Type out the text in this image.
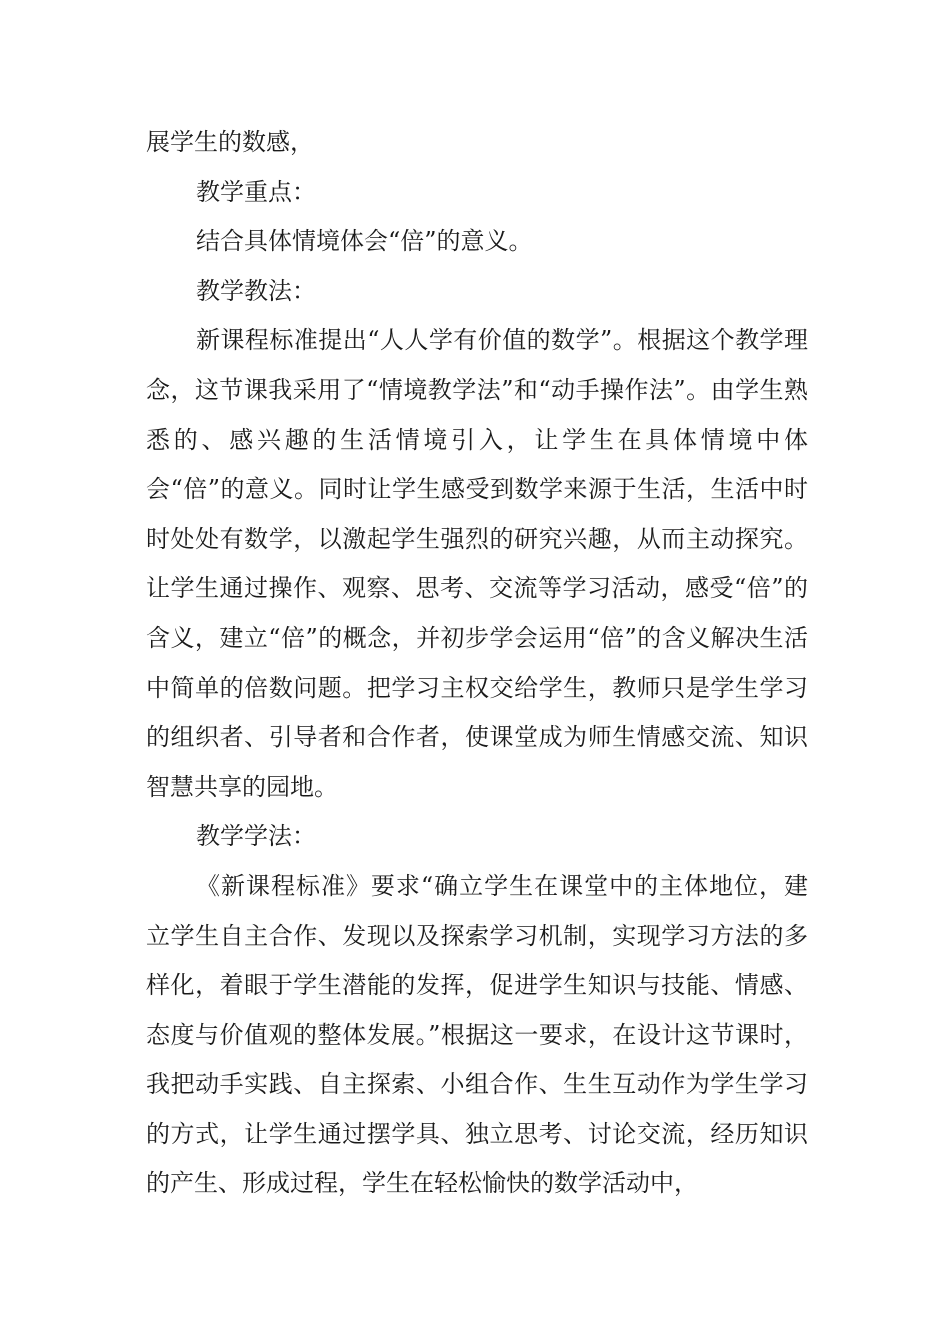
展学生的数感，

教学重点：

结合具体情境体会“倍”的意义。

教学教法：

新课程标准提出“人人学有价值的数学”。根据这个教学理念，这节课我采用了“情境教学法”和“动手操作法”。由学生熟悉的、感兴趣的生活情境引入，让学生在具体情境中体会“倍”的意义。同时让学生感受到数学来源于生活，生活中时时处处有数学，以激起学生强烈的研究兴趣，从而主动探究。让学生通过操作、观察、思考、交流等学习活动，感受“倍”的含义，建立“倍”的概念，并初步学会运用“倍”的含义解决生活中简单的倍数问题。把学习主权交给学生，教师只是学生学习的组织者、引导者和合作者，使课堂成为师生情感交流、知识智慧共享的园地。

教学学法：

《新课程标准》要求“确立学生在课堂中的主体地位，建立学生自主合作、发现以及探索学习机制，实现学习方法的多样化，着眼于学生潜能的发挥，促进学生知识与技能、情感、态度与价值观的整体发展。”根据这一要求，在设计这节课时，我把动手实践、自主探索、小组合作、生生互动作为学生学习的方式，让学生通过摆学具、独立思考、讨论交流，经历知识的产生、形成过程，学生在轻松愉快的数学活动中，
